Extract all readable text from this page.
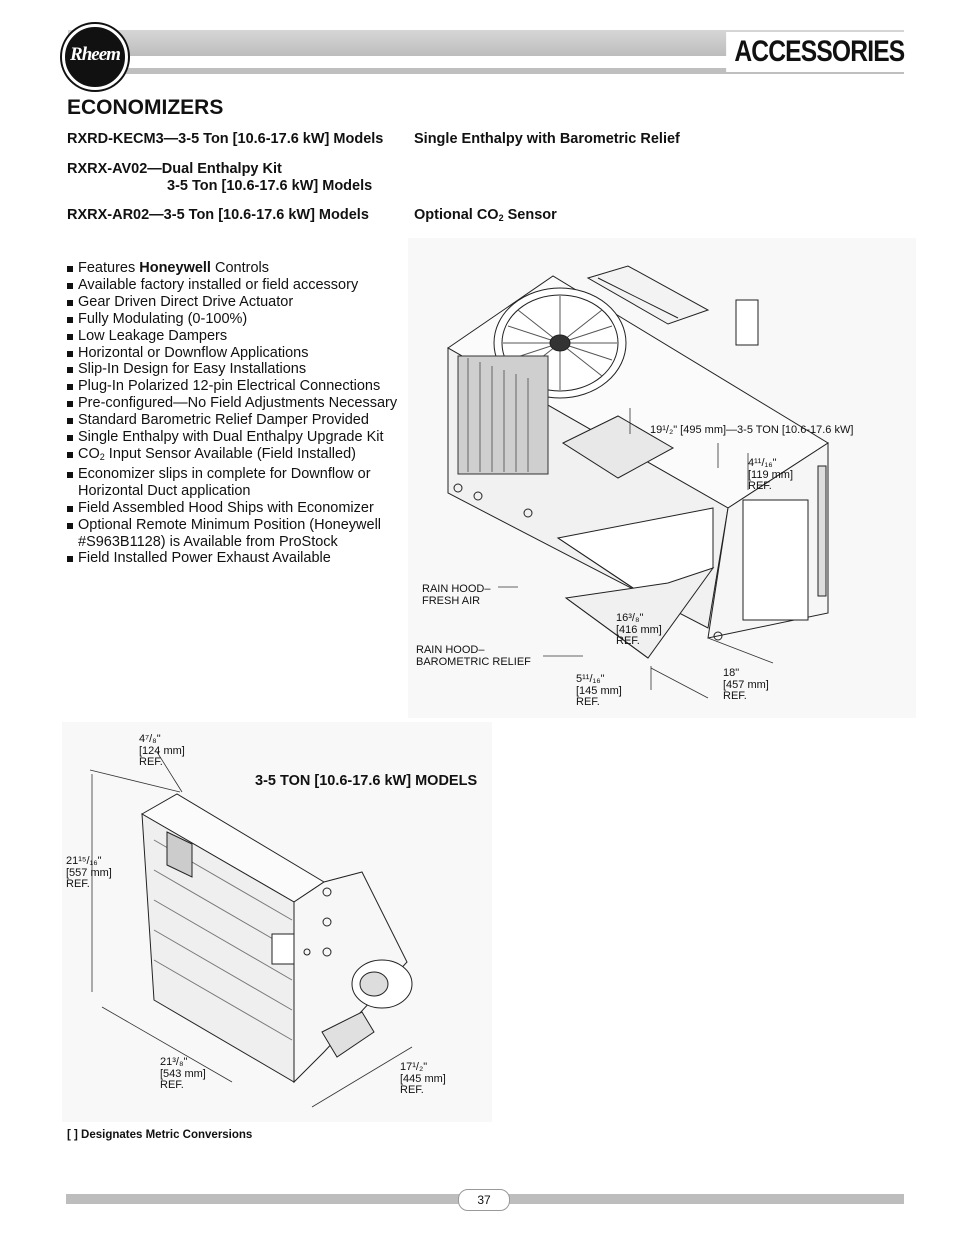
Rheem	ACCESSORIES
ECONOMIZERS
RXRD-KECM3—3-5 Ton [10.6-17.6 kW] Models Single Enthalpy with Barometric Relief
RXRX-AV02—Dual Enthalpy Kit
3-5 Ton [10.6-17.6 kW] Models
RXRX-AR02—3-5 Ton [10.6-17.6 kW] Models	Optional $CO_2$ Sensor
Features Honeywell Controls
Available factory installed or field accessory
Gear Driven Direct Drive Actuator
Fully Modulating (0-100%)
Low Leakage Dampers
Horizontal or Downflow Applications
Slip-In Design for Easy Installations
Plug-In Polarized 12-pin Electrical Connections
Pre-configured—No Field Adjustments Necessary
Standard Barometric Relief Damper Provided
Single Enthalpy with Dual Enthalpy Upgrade Kit
$CO_2$ Input Sensor Available (Field Installed)
Economizer slips in complete for Downflow or
Horizontal Duct application
Field Assembled Hood Ships with Economizer
Optional Remote Minimum Position (Honeywell
#S963B1128) is Available from ProStock
Field Installed Power Exhaust Available
19¹/₂" [495 mm]—3-5 TON [10.6-17.6 kW]
4¹¹/₁₆"
[119 mm]
REF.
RAIN HOOD–
FRESH AIR
RAIN HOOD–
BAROMETRIC RELIEF
16³/₈"
[416 mm]
REF.
5¹¹/₁₆"
[145 mm]
REF.
18"
[457 mm]
REF.
4⁷/₈"
[124 mm]
REF.
21¹⁵/₁₆"
[557 mm]
REF.
21³/₈"
[543 mm]
REF.
17¹/₂"
[445 mm]
REF.
3-5 TON [10.6-17.6 kW] MODELS
[ ] Designates Metric Conversions
37
